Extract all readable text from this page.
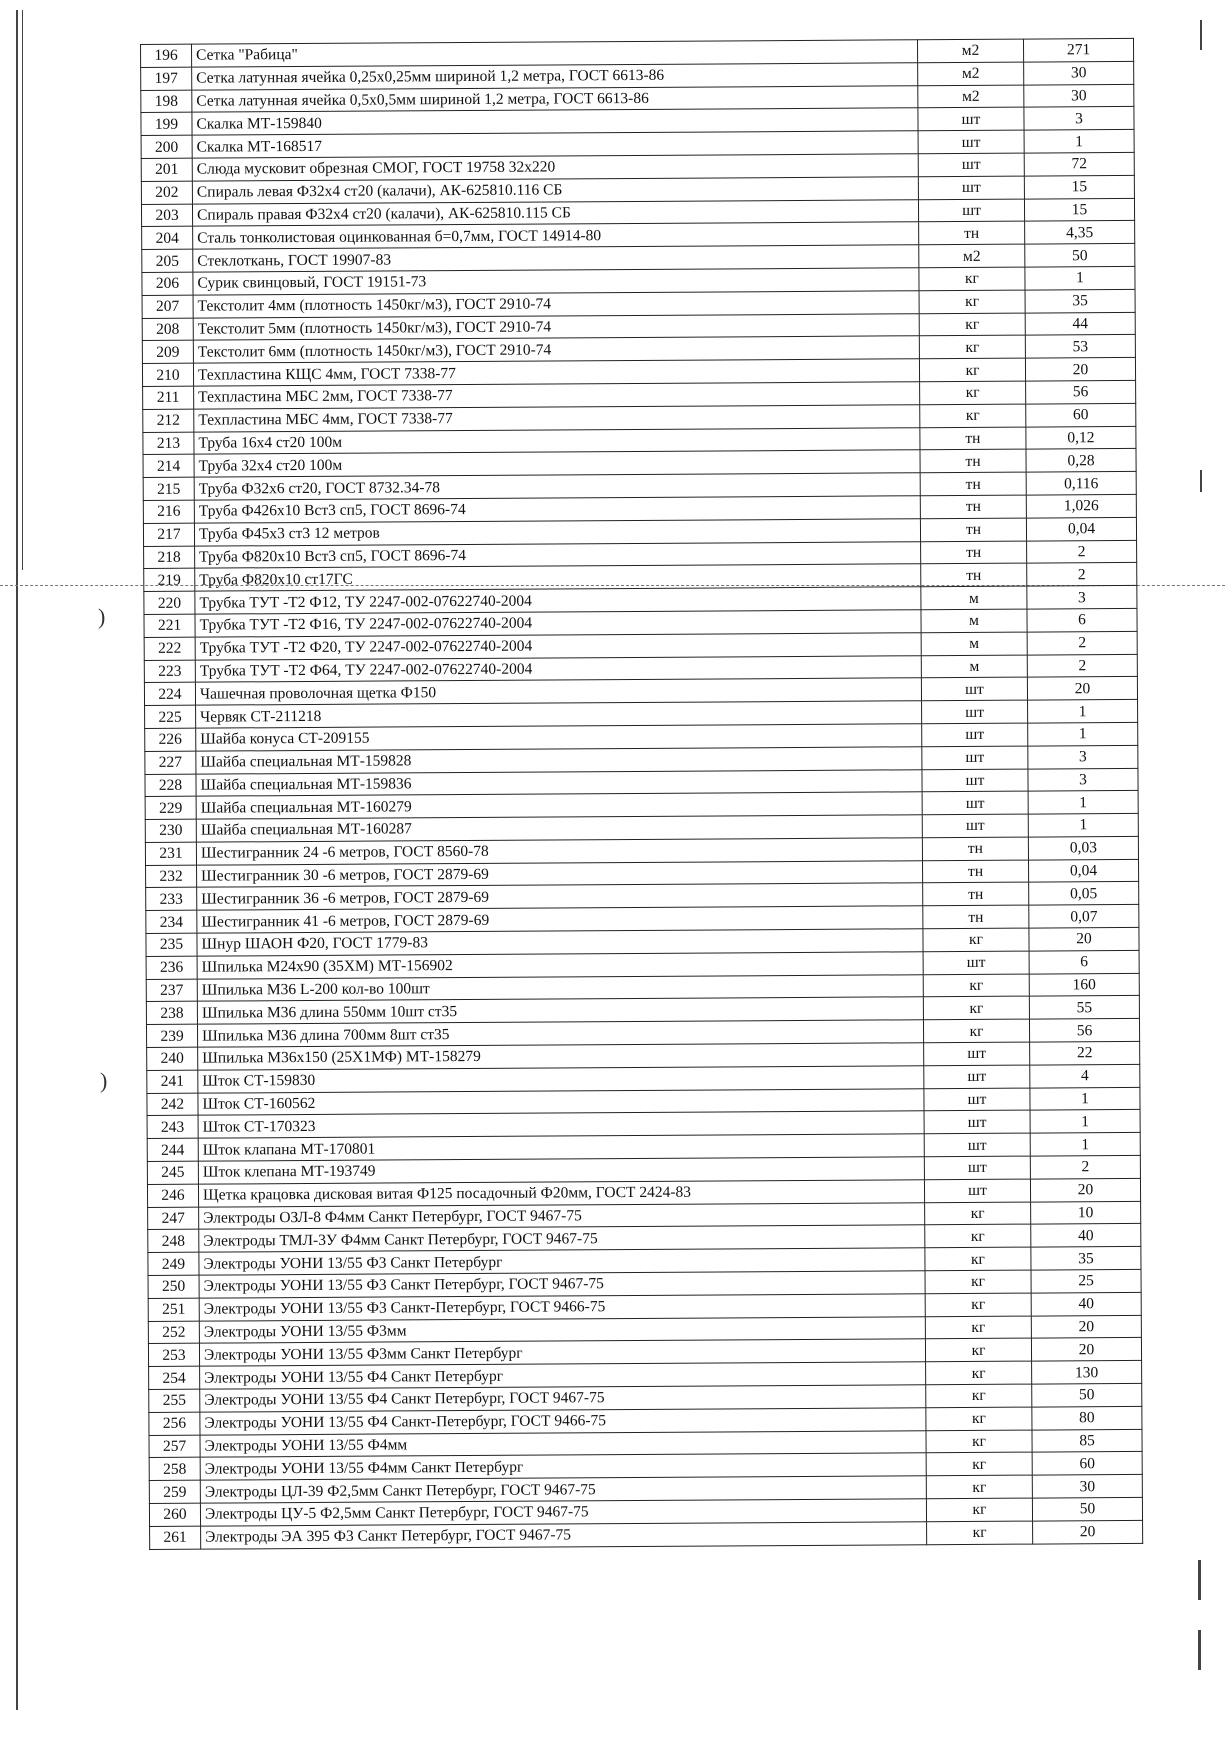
)
)
196	Сетка "Рабица"	м2	271
197	Сетка латунная ячейка 0,25х0,25мм шириной 1,2 метра, ГОСТ 6613-86	м2	30
198	Сетка латунная ячейка 0,5х0,5мм шириной 1,2 метра, ГОСТ 6613-86	м2	30
199	Скалка МТ-159840	шт	3
200	Скалка МТ-168517	шт	1
201	Слюда мусковит обрезная СМОГ, ГОСТ 19758 32х220	шт	72
202	Спираль левая Ф32х4 ст20 (калачи), АК-625810.116 СБ	шт	15
203	Спираль правая Ф32х4 ст20 (калачи), АК-625810.115 СБ	шт	15
204	Сталь тонколистовая оцинкованная б=0,7мм, ГОСТ 14914-80	тн	4,35
205	Стеклоткань, ГОСТ 19907-83	м2	50
206	Сурик свинцовый, ГОСТ 19151-73	кг	1
207	Текстолит 4мм (плотность 1450кг/м3), ГОСТ 2910-74	кг	35
208	Текстолит 5мм (плотность 1450кг/м3), ГОСТ 2910-74	кг	44
209	Текстолит 6мм (плотность 1450кг/м3), ГОСТ 2910-74	кг	53
210	Техпластина КЩС 4мм, ГОСТ 7338-77	кг	20
211	Техпластина МБС 2мм, ГОСТ 7338-77	кг	56
212	Техпластина МБС 4мм, ГОСТ 7338-77	кг	60
213	Труба 16х4 ст20 100м	тн	0,12
214	Труба 32х4 ст20 100м	тн	0,28
215	Труба Ф32х6 ст20, ГОСТ 8732.34-78	тн	0,116
216	Труба Ф426х10 Вст3 сп5, ГОСТ 8696-74	тн	1,026
217	Труба Ф45х3 ст3 12 метров	тн	0,04
218	Труба Ф820х10 Вст3 сп5, ГОСТ 8696-74	тн	2
219	Труба Ф820х10 ст17ГС	тн	2
220	Трубка ТУТ -Т2 Ф12, ТУ 2247-002-07622740-2004	м	3
221	Трубка ТУТ -Т2 Ф16, ТУ 2247-002-07622740-2004	м	6
222	Трубка ТУТ -Т2 Ф20, ТУ 2247-002-07622740-2004	м	2
223	Трубка ТУТ -Т2 Ф64, ТУ 2247-002-07622740-2004	м	2
224	Чашечная проволочная щетка Ф150	шт	20
225	Червяк СТ-211218	шт	1
226	Шайба конуса СТ-209155	шт	1
227	Шайба специальная МТ-159828	шт	3
228	Шайба специальная МТ-159836	шт	3
229	Шайба специальная МТ-160279	шт	1
230	Шайба специальная МТ-160287	шт	1
231	Шестигранник 24 -6 метров, ГОСТ 8560-78	тн	0,03
232	Шестигранник 30 -6 метров, ГОСТ 2879-69	тн	0,04
233	Шестигранник 36 -6 метров, ГОСТ 2879-69	тн	0,05
234	Шестигранник 41 -6 метров, ГОСТ 2879-69	тн	0,07
235	Шнур ШАОН Ф20, ГОСТ 1779-83	кг	20
236	Шпилька М24х90 (35ХМ) МТ-156902	шт	6
237	Шпилька М36 L-200 кол-во 100шт	кг	160
238	Шпилька М36 длина 550мм 10шт ст35	кг	55
239	Шпилька М36 длина 700мм 8шт ст35	кг	56
240	Шпилька М36х150 (25Х1МФ) МТ-158279	шт	22
241	Шток СТ-159830	шт	4
242	Шток СТ-160562	шт	1
243	Шток СТ-170323	шт	1
244	Шток клапана МТ-170801	шт	1
245	Шток клепана МТ-193749	шт	2
246	Щетка крацовка дисковая витая Ф125 посадочный Ф20мм, ГОСТ 2424-83	шт	20
247	Электроды ОЗЛ-8 Ф4мм Санкт Петербург, ГОСТ 9467-75	кг	10
248	Электроды ТМЛ-3У Ф4мм Санкт Петербург, ГОСТ 9467-75	кг	40
249	Электроды УОНИ 13/55 Ф3 Санкт Петербург	кг	35
250	Электроды УОНИ 13/55 Ф3 Санкт Петербург, ГОСТ 9467-75	кг	25
251	Электроды УОНИ 13/55 Ф3 Санкт-Петербург, ГОСТ 9466-75	кг	40
252	Электроды УОНИ 13/55 Ф3мм	кг	20
253	Электроды УОНИ 13/55 Ф3мм Санкт Петербург	кг	20
254	Электроды УОНИ 13/55 Ф4 Санкт Петербург	кг	130
255	Электроды УОНИ 13/55 Ф4 Санкт Петербург, ГОСТ 9467-75	кг	50
256	Электроды УОНИ 13/55 Ф4 Санкт-Петербург, ГОСТ 9466-75	кг	80
257	Электроды УОНИ 13/55 Ф4мм	кг	85
258	Электроды УОНИ 13/55 Ф4мм Санкт Петербург	кг	60
259	Электроды ЦЛ-39 Ф2,5мм Санкт Петербург, ГОСТ 9467-75	кг	30
260	Электроды ЦУ-5 Ф2,5мм Санкт Петербург, ГОСТ 9467-75	кг	50
261	Электроды ЭА 395 Ф3 Санкт Петербург, ГОСТ 9467-75	кг	20
